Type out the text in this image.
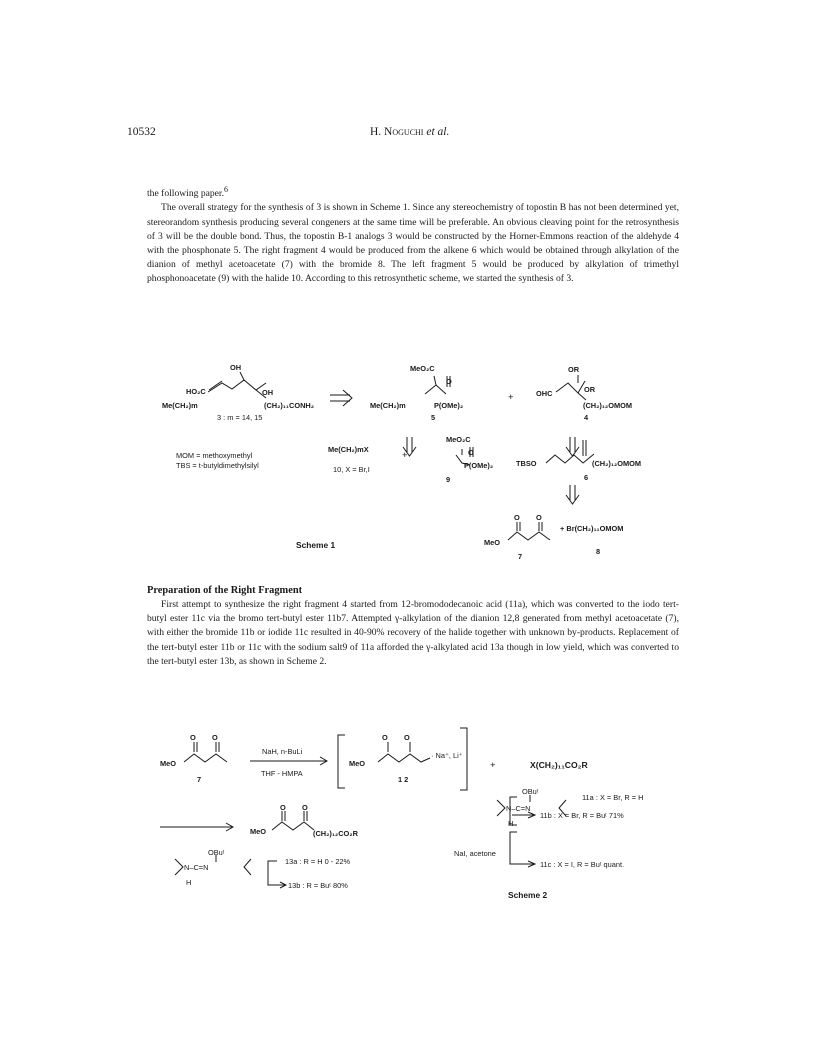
10532	H. Noguchi et al.

the following paper.$^6$

The overall strategy for the synthesis of 3 is shown in Scheme 1. Since any stereochemistry of topostin B has not been determined yet, stereorandom synthesis producing several congeners at the same time will be preferable. An obvious cleaving point for the retrosynthesis of 3 will be the double bond. Thus, the topostin B-1 analogs 3 would be constructed by the Horner-Emmons reaction of the aldehyde 4 with the phosphonate 5. The right fragment 4 would be produced from the alkene 6 which would be obtained through alkylation of the dianion of methyl acetoacetate (7) with the bromide 8. The left fragment 5 would be produced by alkylation of trimethyl phosphonoacetate (9) with the halide 10. According to this retrosynthetic scheme, we started the synthesis of 3.

OH
HO₂C	OH
Me(CH₂)m	(CH₂)₁₁CONH₂
3 : m = 14, 15
MeO₂C
O
Me(CH₂)m	P(OMe)₂
5
+
OR
OHC	OR
(CH₂)₁₂OMOM
4
MOM = methoxymethyl
TBS = t-butyldimethylsilyl
Me(CH₂)mX
+
10, X = Br,I
MeO₂C
O
P(OMe)₂
9
TBSO	(CH₂)₁₂OMOM
6
O O
MeO
7
+ Br(CH₂)₁₁OMOM
8
Scheme 1
O O
MeO
7
NaH, n-BuLi
THF - HMPA
O O
MeO
· Na⁺, Li⁺
1 2
+	X(CH₂)₁₁CO₂R
O O
MeO	(CH₂)₁₂CO₂R
OBuᵗ
N–C=N
H
13a : R = H 0 - 22%
13b : R = Buᵗ 80%
OBuᵗ
N–C=N
H
11a : X = Br, R = H
11b : X = Br, R = Buᵗ 71%
NaI, acetone
11c : X = I, R = Buᵗ quant.
Scheme 2
Preparation of the Right Fragment

First attempt to synthesize the right fragment 4 started from 12-bromododecanoic acid (11a), which was converted to the iodo tert-butyl ester 11c via the bromo tert-butyl ester 11b7. Attempted γ-alkylation of the dianion 12,8 generated from methyl acetoacetate (7), with either the bromide 11b or iodide 11c resulted in 40-90% recovery of the halide together with unknown by-products. Replacement of the tert-butyl ester 11b or 11c with the sodium salt9 of 11a afforded the γ-alkylated acid 13a though in low yield, which was converted to the tert-butyl ester 13b, as shown in Scheme 2.
